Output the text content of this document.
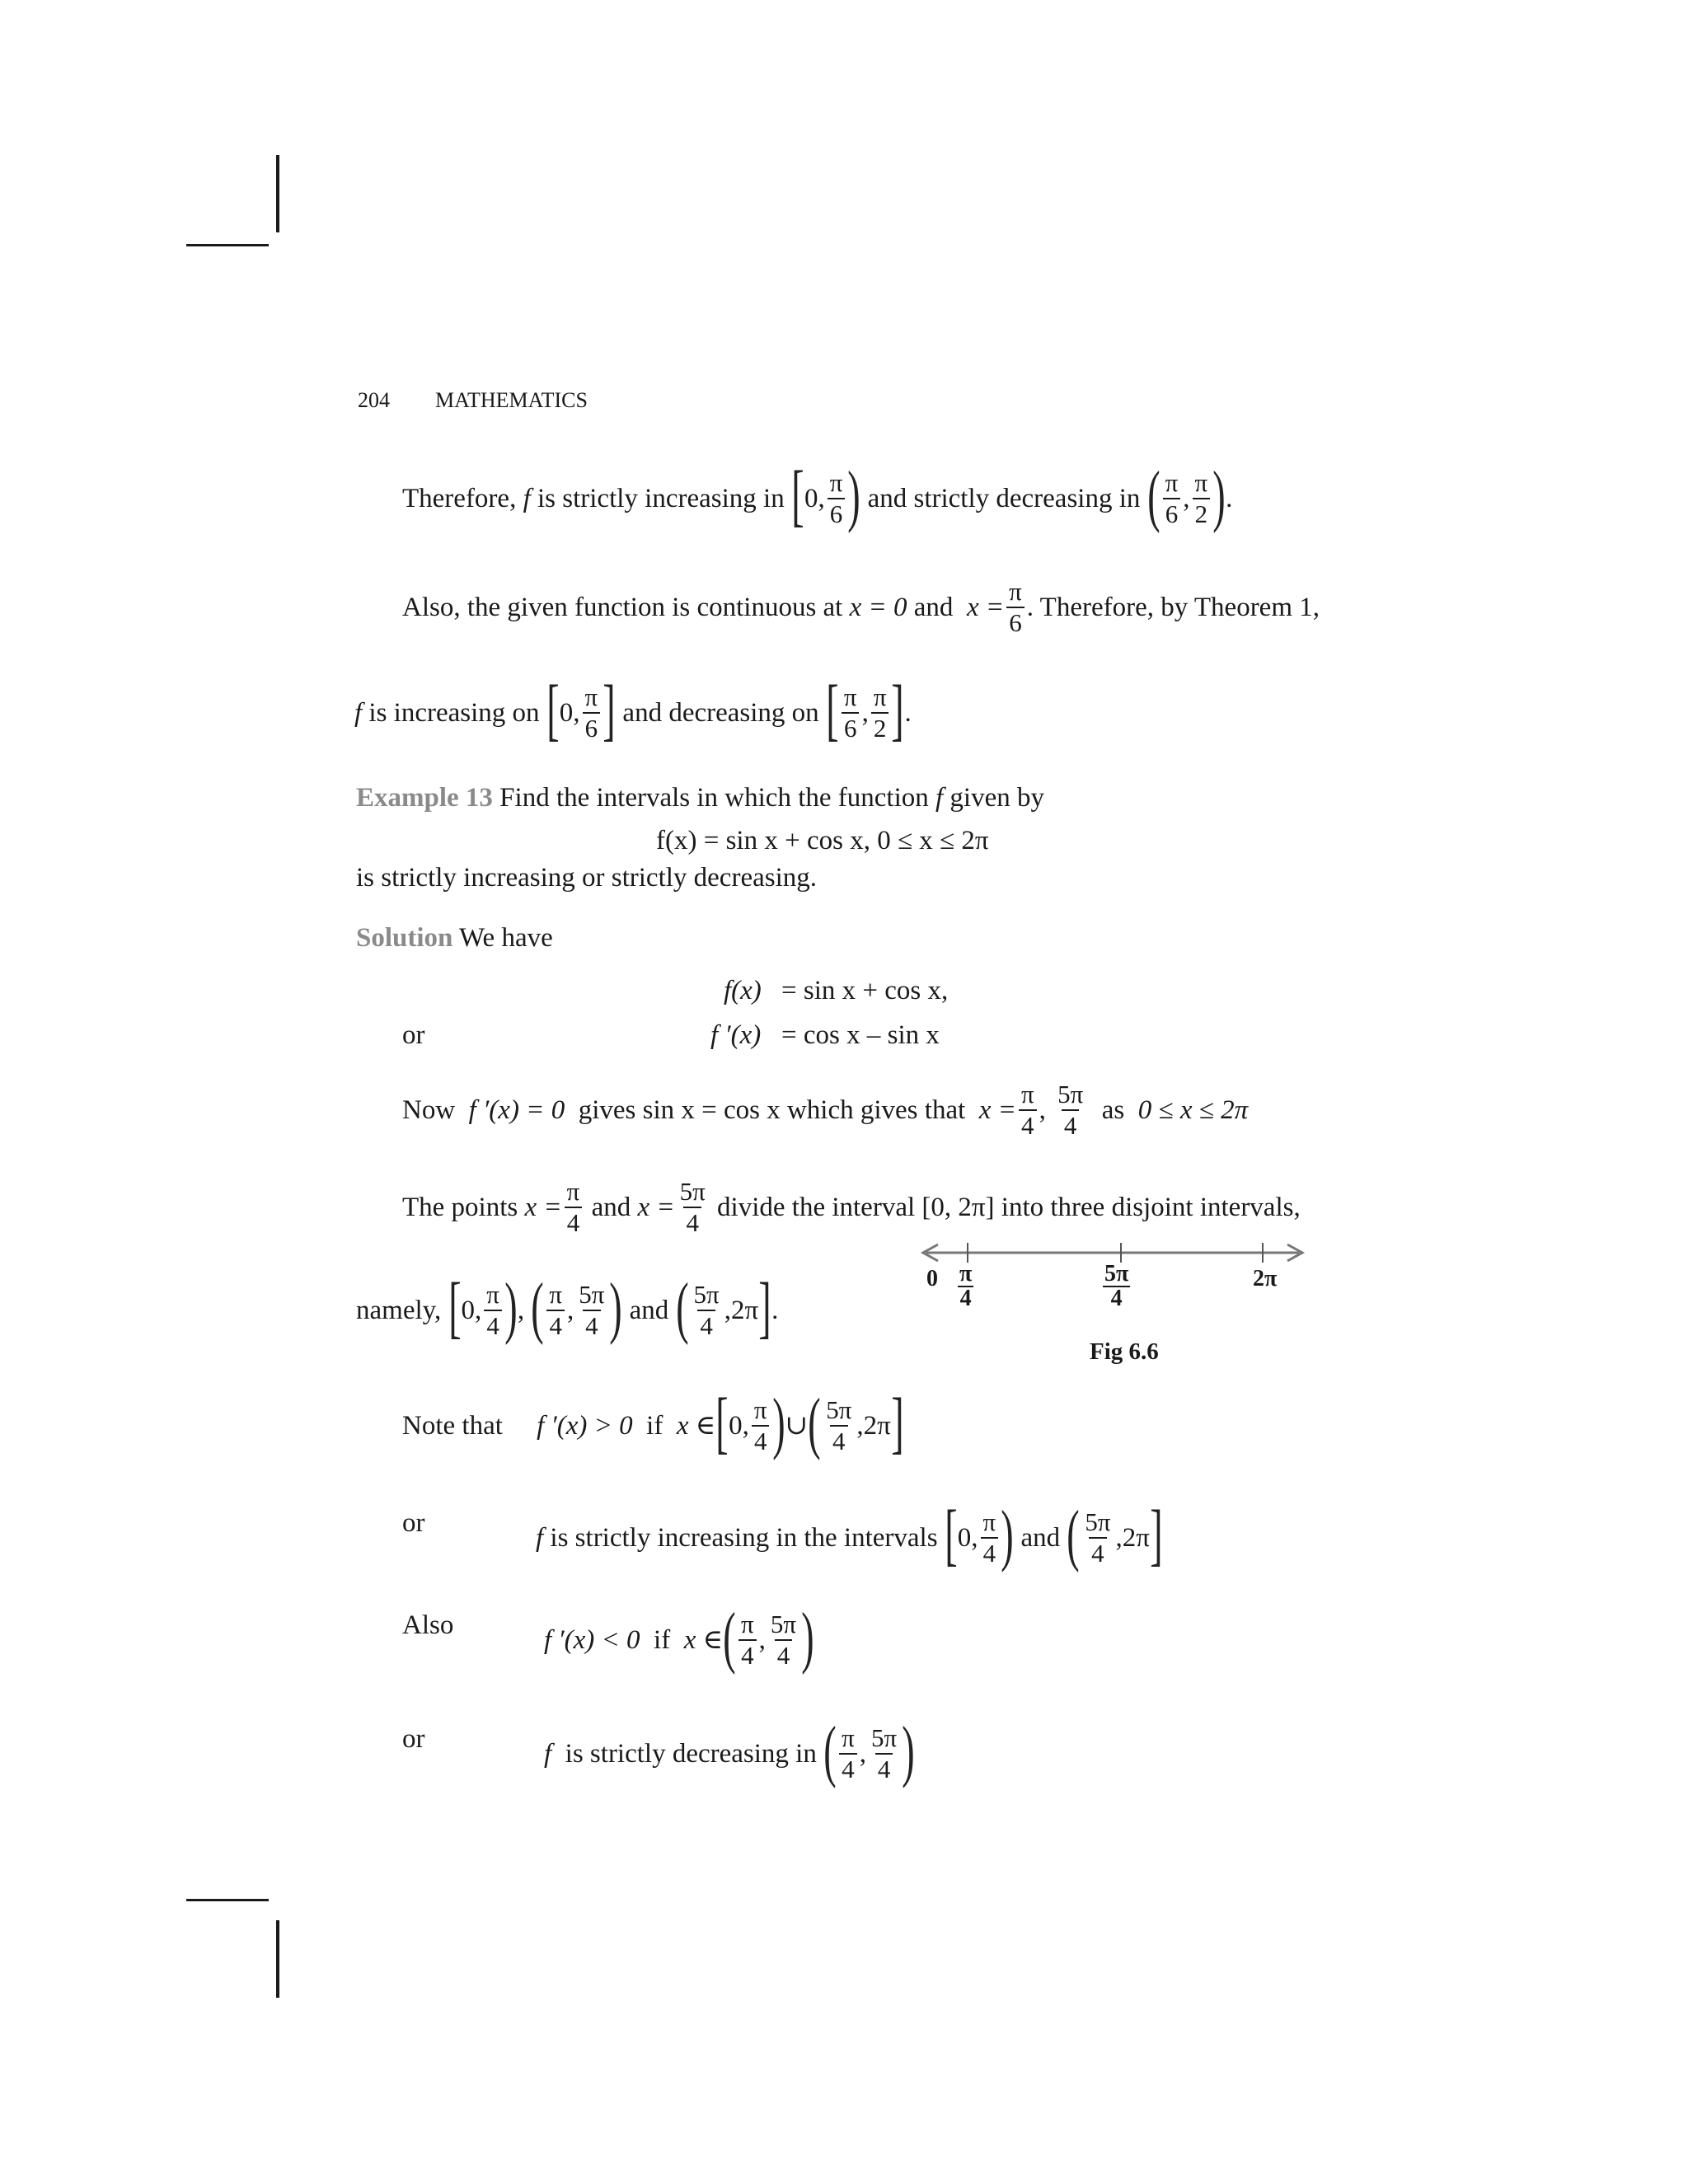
204 MATHEMATICS
Therefore,
f
is strictly increasing in
[ 0, $\frac{\pi}{6}$ )
and strictly decreasing in
( $\frac{\pi}{6}$ , $\frac{\pi}{2}$ ) .
Also, the given function is continuous at
x = 0
and
$x = \frac{\pi}{6}$ . Therefore, by Theorem 1,
f
is increasing on
[ 0, $\frac{\pi}{6}$ ]
and decreasing on
[ $\frac{\pi}{6}$ , $\frac{\pi}{2}$ ] .
Example 13 Find the intervals in which the function f given by
f(x) = sin x + cos x, 0 ≤ x ≤ 2π
is strictly increasing or strictly decreasing.
Solution We have
f(x) = sin x + cos x,
or	f ′(x) = cos x – sin x
Now
f ′(x) = 0
gives sin x = cos x which gives that
$x = \frac{\pi}{4}$ ,
$\frac{5\pi}{4}$
as
0 ≤ x ≤ 2π
The points
$x = \frac{\pi}{4}$
and
$x = \frac{5\pi}{4}$
divide the interval [0, 2π] into three disjoint intervals,
namely,
[ 0, $\frac{\pi}{4}$ ) ,
( $\frac{\pi}{4}$ , $\frac{5\pi}{4}$ )
and
( $\frac{5\pi}{4} ,2\pi$ ] .
0 π
4
5π
4
2π
Fig 6.6
Note that
f ′(x) > 0
if
x ∈ [ 0, $\frac{\pi}{4}$ ) ∪ ( $\frac{5\pi}{4} ,2\pi$ ]
or	f
is strictly increasing in the intervals
[ 0, $\frac{\pi}{4}$ )
and
( $\frac{5\pi}{4} ,2\pi$ ]
Also	f ′(x) < 0
if
x ∈ ( $\frac{\pi}{4}$ , $\frac{5\pi}{4}$ )
or	f
is strictly decreasing in
( $\frac{\pi}{4}$ , $\frac{5\pi}{4}$ )
